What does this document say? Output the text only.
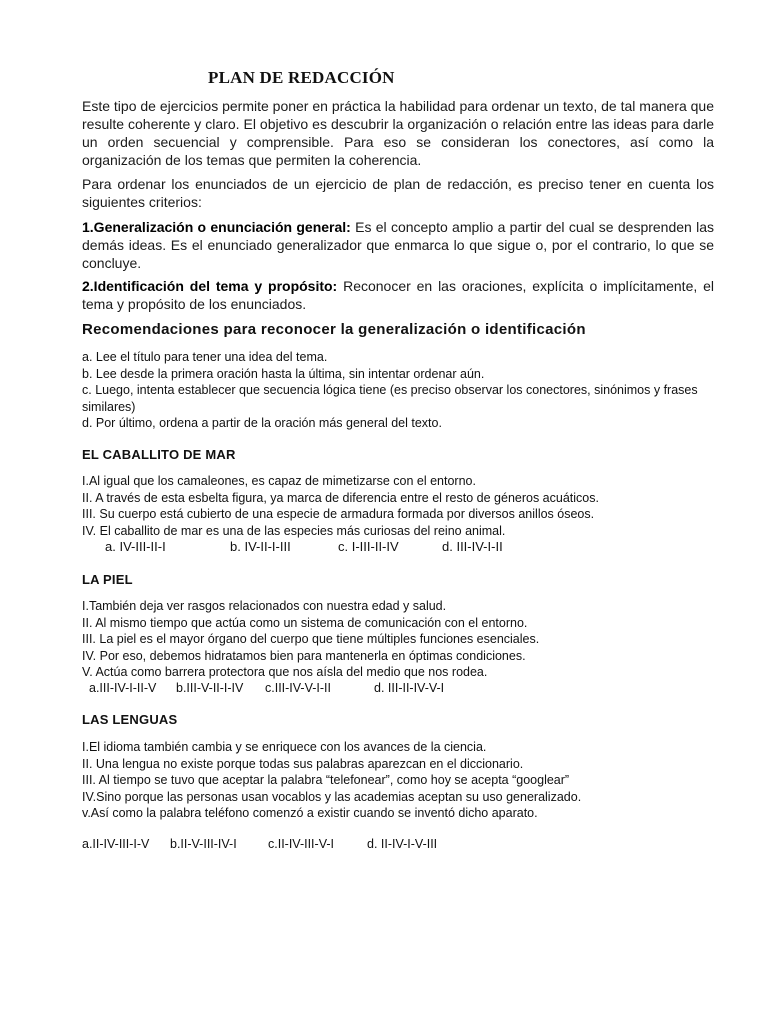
PLAN DE REDACCIÓN
Este tipo de ejercicios permite poner en práctica la habilidad para ordenar un texto, de tal manera que resulte coherente y claro. El objetivo es descubrir la organización o relación entre las ideas para darle un orden secuencial y comprensible. Para eso se consideran los conectores, así como la organización de los temas que permiten la coherencia.
Para ordenar los enunciados de un ejercicio de plan de redacción, es preciso tener en cuenta los siguientes criterios:
1.Generalización o enunciación general: Es el concepto amplio a partir del cual se desprenden las demás ideas. Es el enunciado generalizador que enmarca lo que sigue o, por el contrario, lo que se concluye.
2.Identificación del tema y propósito: Reconocer en las oraciones, explícita o implícitamente, el tema y propósito de los enunciados.
Recomendaciones para reconocer la generalización o identificación
a. Lee el título para tener una idea del tema.
b. Lee desde la primera oración hasta la última, sin intentar ordenar aún.
c. Luego, intenta establecer que secuencia lógica tiene (es preciso observar los conectores, sinónimos y frases similares)
d. Por último, ordena a partir de la oración más general del texto.
EL CABALLITO DE MAR
I.Al igual que los camaleones, es capaz de mimetizarse con el entorno.
II. A través de esta esbelta figura, ya marca de diferencia entre el resto de géneros acuáticos.
III. Su cuerpo está cubierto de una especie de armadura formada por diversos anillos óseos.
IV. El caballito de mar es una de las especies más curiosas del reino animal.
a. IV-III-II-I	b. IV-II-I-III	c. I-III-II-IV	d. III-IV-I-II
LA PIEL
I.También deja ver rasgos relacionados con nuestra edad y salud.
II. Al mismo tiempo que actúa como un sistema de comunicación con el entorno.
III. La piel es el mayor órgano del cuerpo que tiene múltiples funciones esenciales.
IV. Por eso, debemos hidratamos bien para mantenerla en óptimas condiciones.
V. Actúa como barrera protectora que nos aísla del medio que nos rodea.
a.III-IV-I-II-V b.III-V-II-I-IV c.III-IV-V-I-II	d. III-II-IV-V-I
LAS LENGUAS
I.El idioma también cambia y se enriquece con los avances de la ciencia.
II. Una lengua no existe porque todas sus palabras aparezcan en el diccionario.
III. Al tiempo se tuvo que aceptar la palabra “telefonear”, como hoy se acepta “googlear”
IV.Sino porque las personas usan vocablos y las academias aceptan su uso generalizado.
v.Así como la palabra teléfono comenzó a existir cuando se inventó dicho aparato.
a.II-IV-III-I-V b.II-V-III-IV-I	c.II-IV-III-V-I	d. II-IV-I-V-III
